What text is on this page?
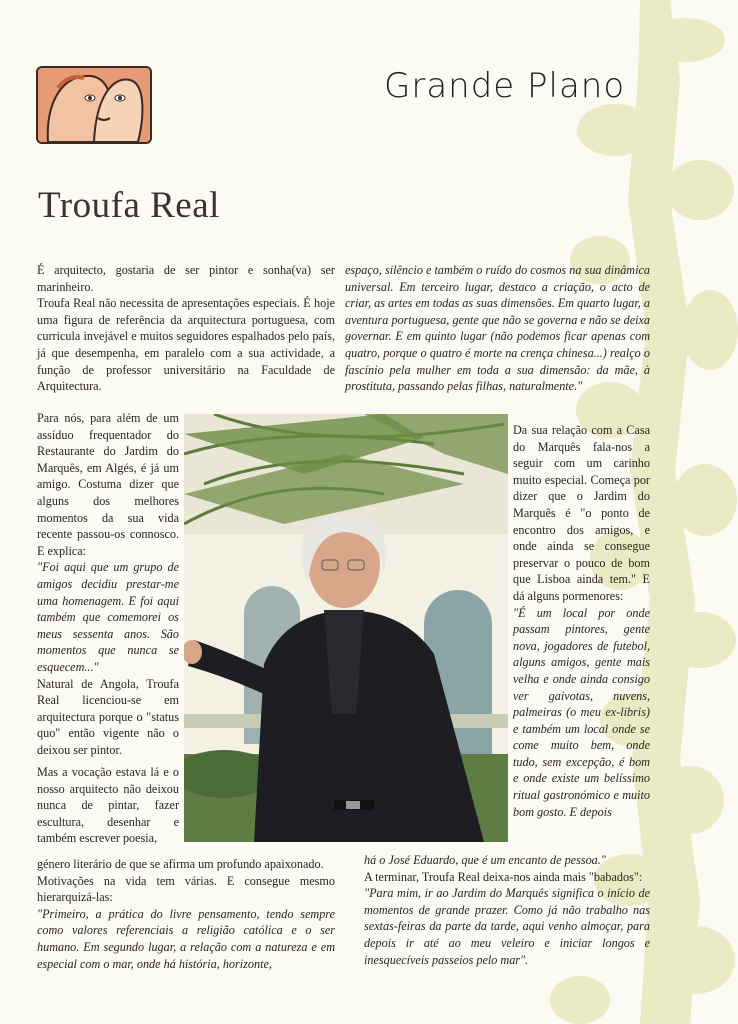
Grande Plano
Troufa Real

É arquitecto, gostaria de ser pintor e sonha(va) ser marinheiro.

Troufa Real não necessita de apresentações especiais. É hoje uma figura de referência da arquitectura portuguesa, com curricula invejável e muitos seguidores espalhados pelo país, já que desempenha, em paralelo com a sua actividade, a função de professor universitário na Faculdade de Arquitectura.

Para nós, para além de um assíduo frequentador do Restaurante do Jardim do Marquês, em Algés, é já um amigo. Costuma dizer que alguns dos melhores momentos da sua vida recente passou-os connosco. E explica:

"Foi aqui que um grupo de amigos decidiu prestar-me uma homenagem. E foi aqui também que comemorei os meus sessenta anos. São momentos que nunca se esquecem..."

Natural de Angola, Troufa Real licenciou-se em arquitectura porque o "status quo" então vigente não o deixou ser pintor.

Mas a vocação estava lá e o nosso arquitecto não deixou nunca de pintar, fazer escultura, desenhar e também escrever poesia,

género literário de que se afirma um profundo apaixonado.

Motivações na vida tem várias. E consegue mesmo hierarquizá-las:

"Primeiro, a prática do livre pensamento, tendo sempre como valores referenciais a religião católica e o ser humano. Em segundo lugar, a relação com a natureza e em especial com o mar, onde há história, horizonte,

espaço, silêncio e também o ruído do cosmos na sua dinâmica universal. Em terceiro lugar, destaco a criação, o acto de criar, as artes em todas as suas dimensões. Em quarto lugar, a aventura portuguesa, gente que não se governa e não se deixa governar. E em quinto lugar (não podemos ficar apenas com quatro, porque o quatro é morte na crença chinesa...) realço o fascínio pela mulher em toda a sua dimensão: da mãe, à prostituta, passando pelas filhas, naturalmente."

Da sua relação com a Casa do Marquês fala-nos a seguir com um carinho muito especial. Começa por dizer que o Jardim do Marquês é "o ponto de encontro dos amigos, e onde ainda se consegue preservar o pouco de bom que Lisboa ainda tem." E dá alguns pormenores:

"É um local por onde passam pintores, gente nova, jogadores de futebol, alguns amigos, gente mais velha e onde ainda consigo ver gaivotas, nuvens, palmeiras (o meu ex-libris) e também um local onde se come muito bem, onde tudo, sem excepção, é bom e onde existe um belíssimo ritual gastronómico e muito bom gosto. E depois

há o José Eduardo, que é um encanto de pessoa."

A terminar, Troufa Real deixa-nos ainda mais "babados":

"Para mim, ir ao Jardim do Marquês significa o início de momentos de grande prazer. Como já não trabalho nas sextas-feiras da parte da tarde, aqui venho almoçar, para depois ir até ao meu veleiro e iniciar longos e inesquecíveis passeios pelo mar".
